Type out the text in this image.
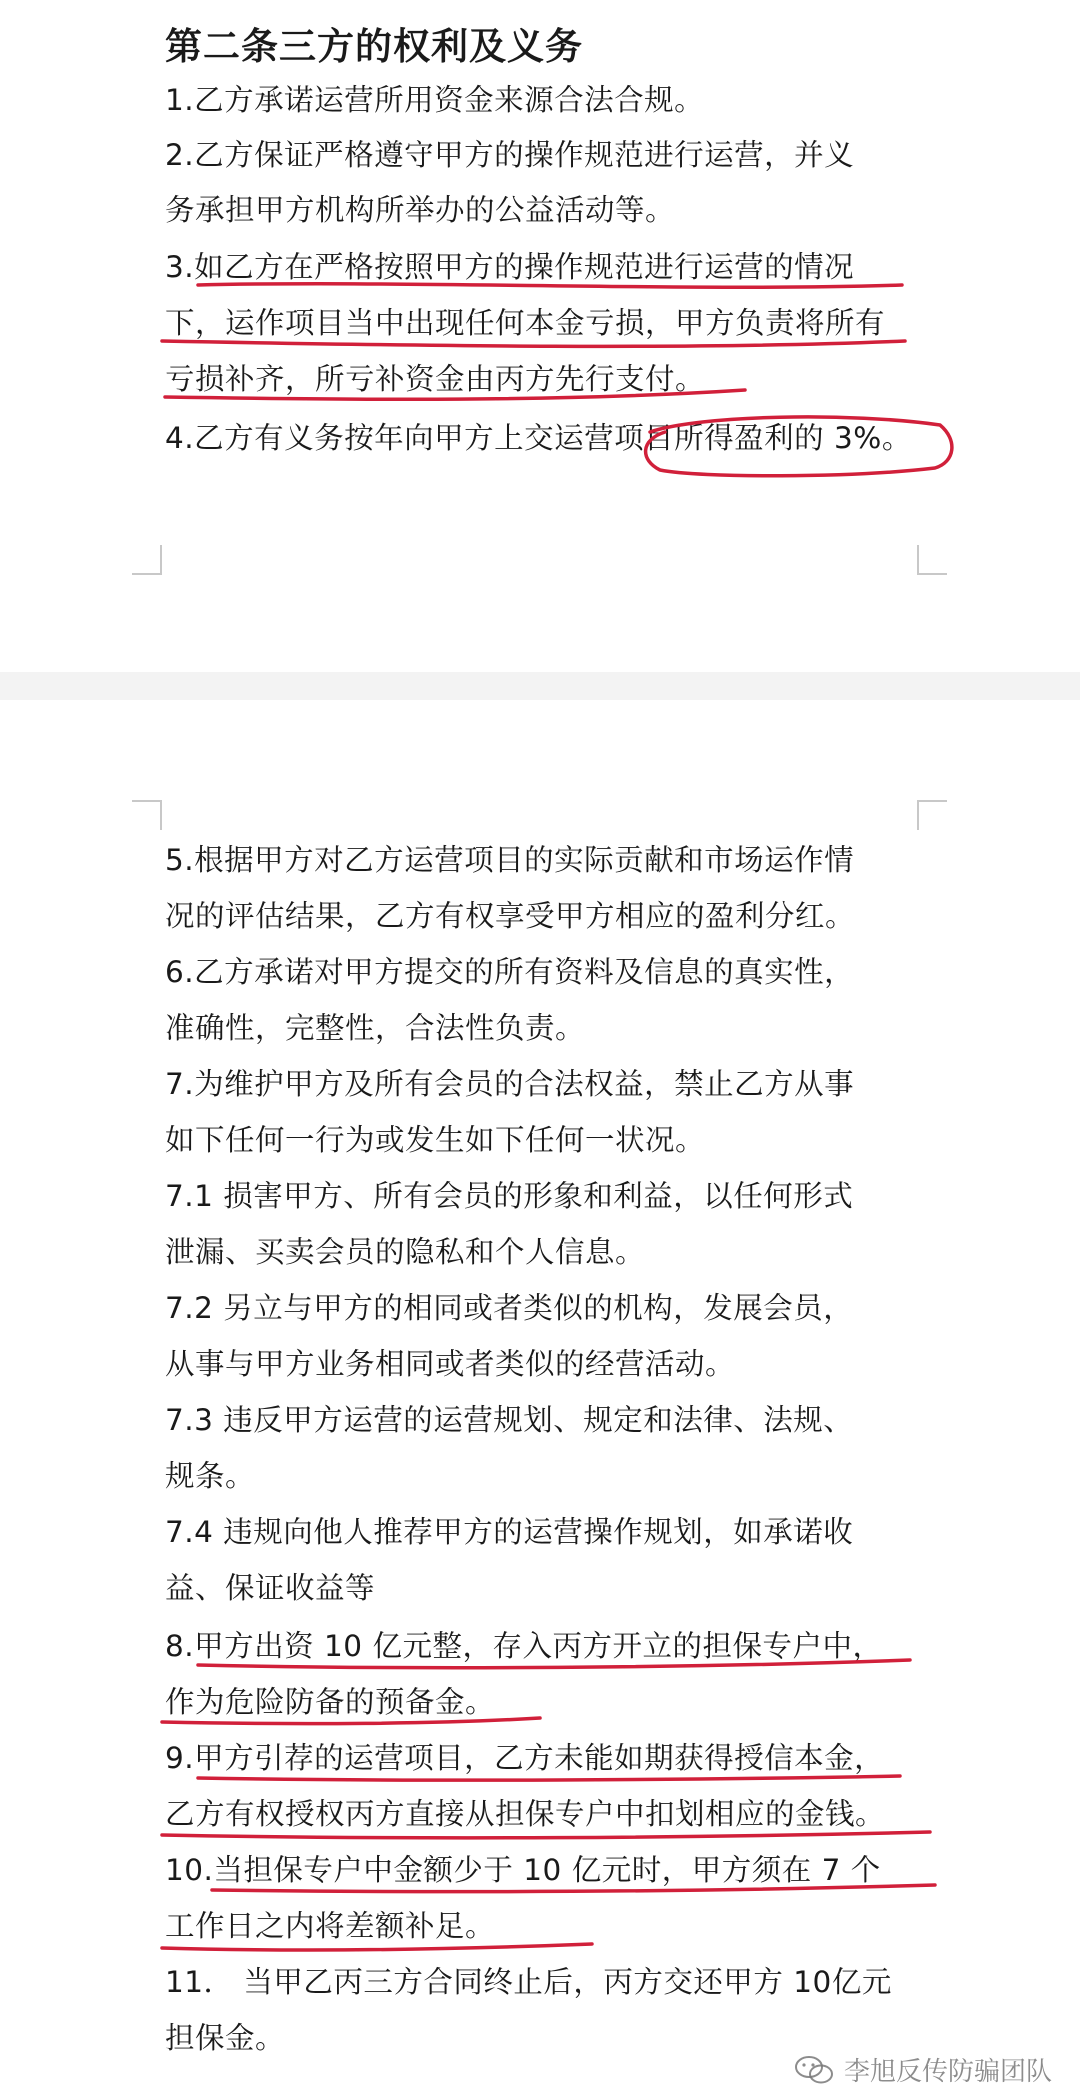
第二条三方的权利及义务
1.乙方承诺运营所用资金来源合法合规。
2.乙方保证严格遵守甲方的操作规范进行运营，并义
务承担甲方机构所举办的公益活动等。
3.如乙方在严格按照甲方的操作规范进行运营的情况
下，运作项目当中出现任何本金亏损，甲方负责将所有
亏损补齐，所亏补资金由丙方先行支付。
4.乙方有义务按年向甲方上交运营项目所得盈利的 3%。
5.根据甲方对乙方运营项目的实际贡献和市场运作情
况的评估结果，乙方有权享受甲方相应的盈利分红。
6.乙方承诺对甲方提交的所有资料及信息的真实性，
准确性，完整性，合法性负责。
7.为维护甲方及所有会员的合法权益，禁止乙方从事
如下任何一行为或发生如下任何一状况。
7.1 损害甲方、所有会员的形象和利益，以任何形式
泄漏、买卖会员的隐私和个人信息。
7.2 另立与甲方的相同或者类似的机构，发展会员，
从事与甲方业务相同或者类似的经营活动。
7.3 违反甲方运营的运营规划、规定和法律、法规、
规条。
7.4 违规向他人推荐甲方的运营操作规划，如承诺收
益、保证收益等
8.甲方出资 10 亿元整，存入丙方开立的担保专户中，
作为危险防备的预备金。
9.甲方引荐的运营项目，乙方未能如期获得授信本金，
乙方有权授权丙方直接从担保专户中扣划相应的金钱。
10.当担保专户中金额少于 10 亿元时，甲方须在 7 个
工作日之内将差额补足。
11． 当甲乙丙三方合同终止后，丙方交还甲方 10亿元
担保金。
李旭反传防骗团队
